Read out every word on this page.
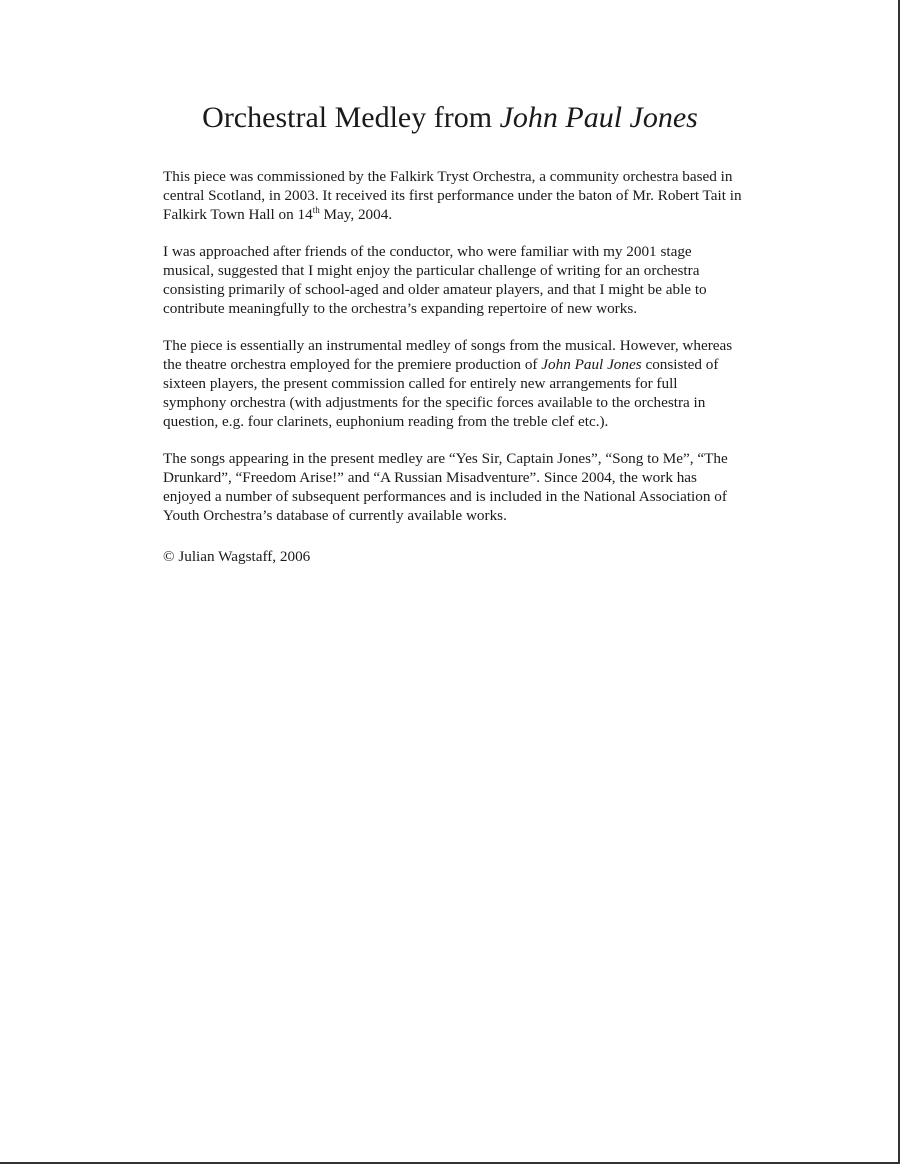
Orchestral Medley from John Paul Jones

This piece was commissioned by the Falkirk Tryst Orchestra, a community orchestra based in central Scotland, in 2003. It received its first performance under the baton of Mr. Robert Tait in Falkirk Town Hall on 14th May, 2004.

I was approached after friends of the conductor, who were familiar with my 2001 stage musical, suggested that I might enjoy the particular challenge of writing for an orchestra consisting primarily of school-aged and older amateur players, and that I might be able to contribute meaningfully to the orchestra’s expanding repertoire of new works.

The piece is essentially an instrumental medley of songs from the musical. However, whereas the theatre orchestra employed for the premiere production of John Paul Jones consisted of sixteen players, the present commission called for entirely new arrangements for full symphony orchestra (with adjustments for the specific forces available to the orchestra in question, e.g. four clarinets, euphonium reading from the treble clef etc.).

The songs appearing in the present medley are “Yes Sir, Captain Jones”, “Song to Me”, “The Drunkard”, “Freedom Arise!” and “A Russian Misadventure”. Since 2004, the work has enjoyed a number of subsequent performances and is included in the National Association of Youth Orchestra’s database of currently available works.

© Julian Wagstaff, 2006
